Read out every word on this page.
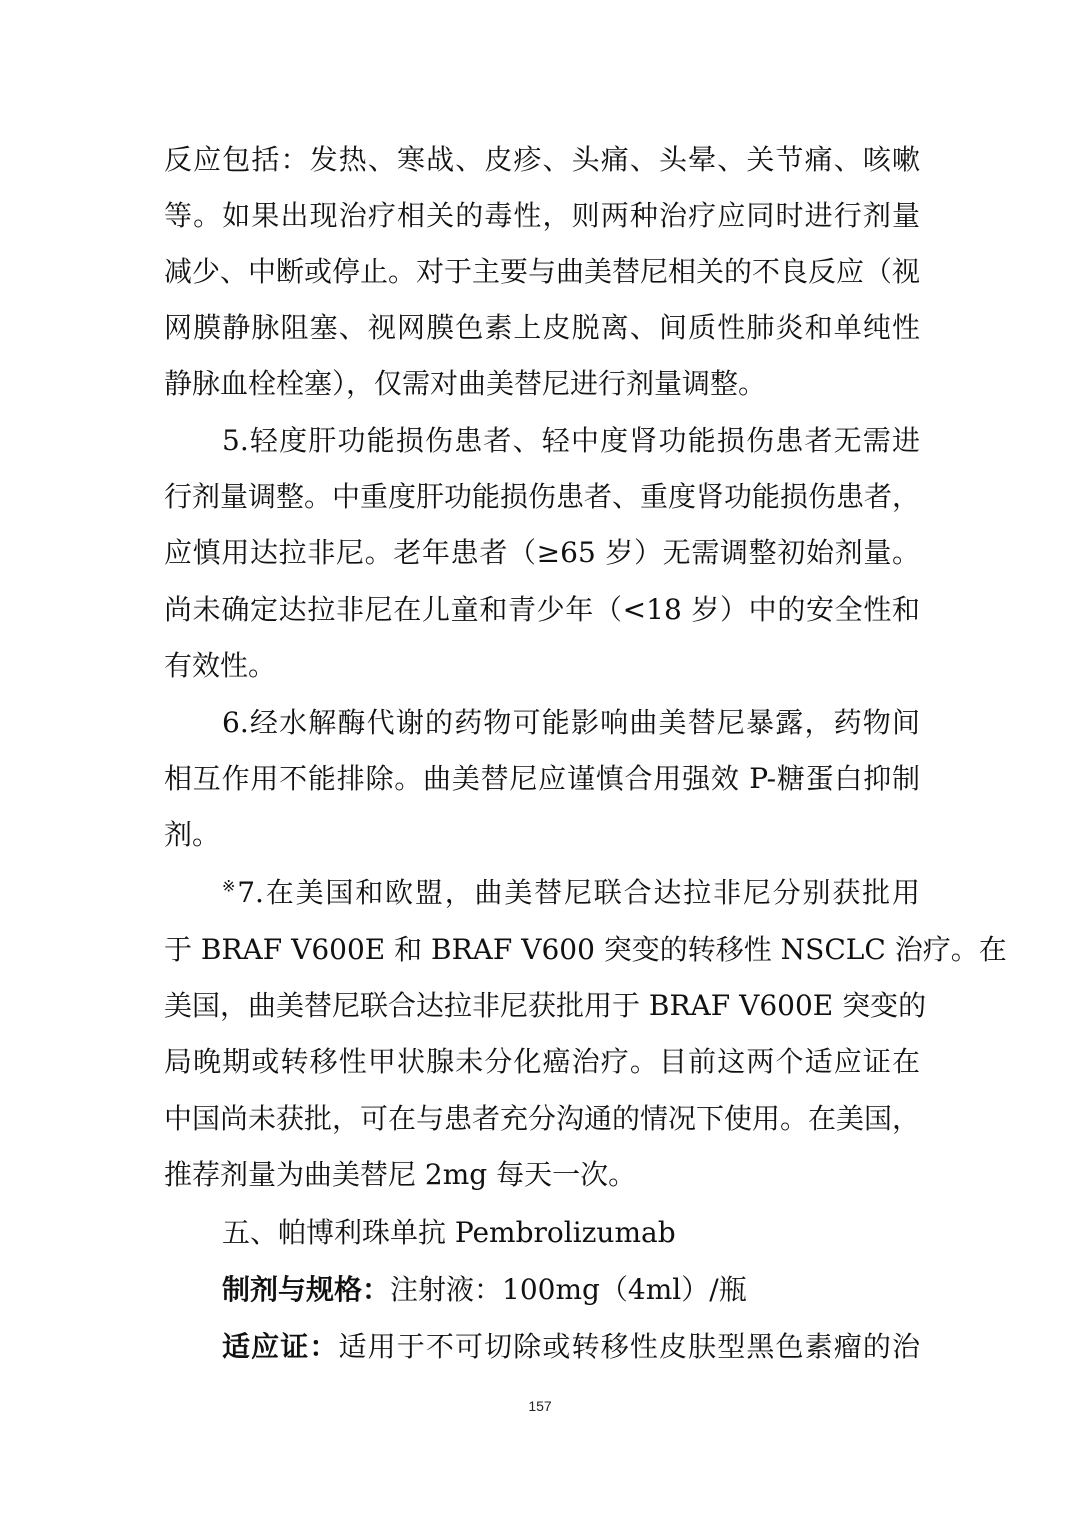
反应包括：发热、寒战、皮疹、头痛、头晕、关节痛、咳嗽
等。如果出现治疗相关的毒性，则两种治疗应同时进行剂量
减少、中断或停止。对于主要与曲美替尼相关的不良反应（视
网膜静脉阻塞、视网膜色素上皮脱离、间质性肺炎和单纯性
静脉血栓栓塞），仅需对曲美替尼进行剂量调整。
5.轻度肝功能损伤患者、轻中度肾功能损伤患者无需进
行剂量调整。中重度肝功能损伤患者、重度肾功能损伤患者，
应慎用达拉非尼。老年患者（≥65 岁）无需调整初始剂量。
尚未确定达拉非尼在儿童和青少年（<18 岁）中的安全性和
有效性。
6.经水解酶代谢的药物可能影响曲美替尼暴露，药物间
相互作用不能排除。曲美替尼应谨慎合用强效 P-糖蛋白抑制
剂。
※7.在美国和欧盟，曲美替尼联合达拉非尼分别获批用
于 BRAF V600E 和 BRAF V600 突变的转移性 NSCLC 治疗。在
美国，曲美替尼联合达拉非尼获批用于 BRAF V600E 突变的
局晚期或转移性甲状腺未分化癌治疗。目前这两个适应证在
中国尚未获批，可在与患者充分沟通的情况下使用。在美国，
推荐剂量为曲美替尼 2mg 每天一次。
五、帕博利珠单抗 Pembrolizumab
制剂与规格：注射液：100mg（4ml）/瓶
适应证：适用于不可切除或转移性皮肤型黑色素瘤的治
157
